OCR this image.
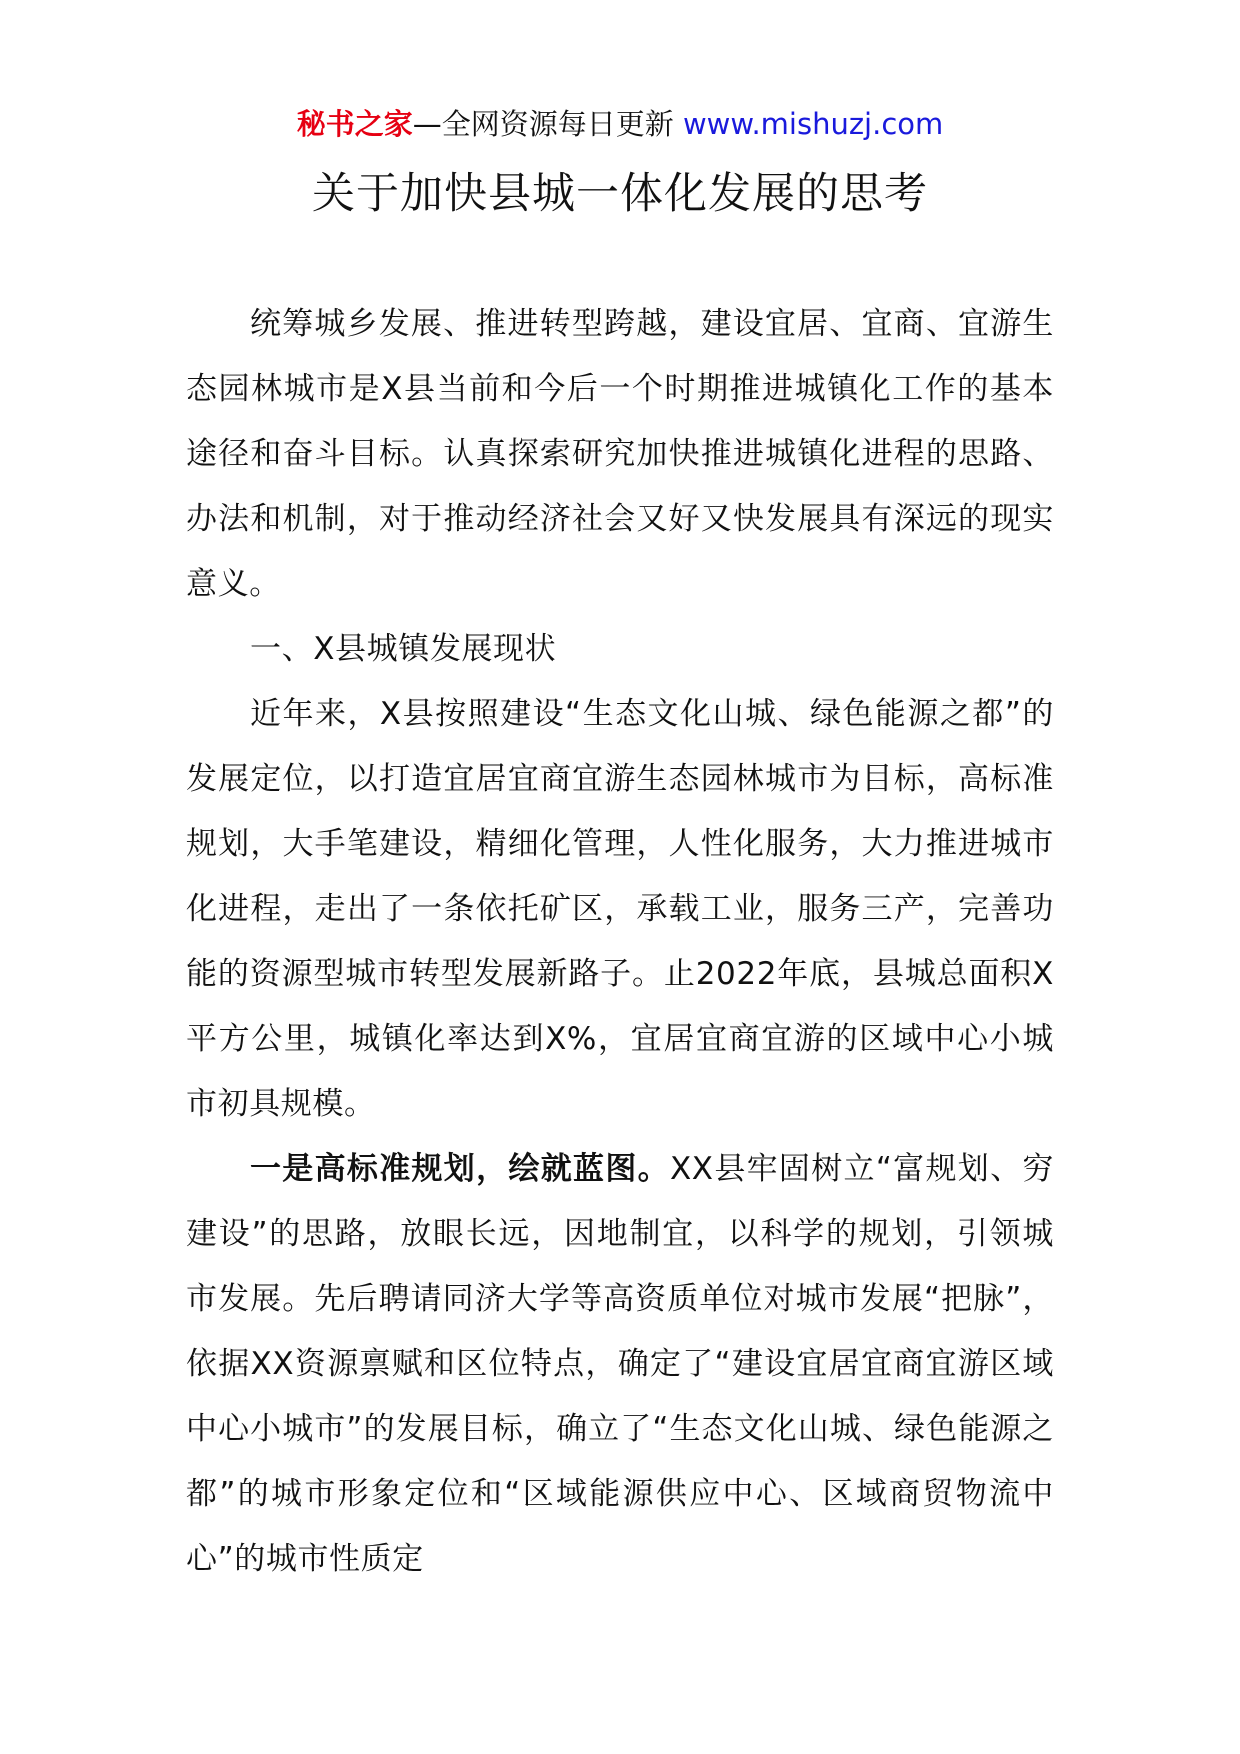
秘书之家—全网资源每日更新 www.mishuzj.com
关于加快县城一体化发展的思考

统筹城乡发展、推进转型跨越，建设宜居、宜商、宜游生态园林城市是X县当前和今后一个时期推进城镇化工作的基本途径和奋斗目标。认真探索研究加快推进城镇化进程的思路、办法和机制，对于推动经济社会又好又快发展具有深远的现实意义。

一、X县城镇发展现状

近年来，X县按照建设“生态文化山城、绿色能源之都”的发展定位，以打造宜居宜商宜游生态园林城市为目标，高标准规划，大手笔建设，精细化管理，人性化服务，大力推进城市化进程，走出了一条依托矿区，承载工业，服务三产，完善功能的资源型城市转型发展新路子。止2022年底，县城总面积X平方公里，城镇化率达到X%，宜居宜商宜游的区域中心小城市初具规模。

一是高标准规划，绘就蓝图。XX县牢固树立“富规划、穷建设”的思路，放眼长远，因地制宜，以科学的规划，引领城市发展。先后聘请同济大学等高资质单位对城市发展“把脉”，依据XX资源禀赋和区位特点，确定了“建设宜居宜商宜游区域中心小城市”的发展目标，确立了“生态文化山城、绿色能源之都”的城市形象定位和“区域能源供应中心、区域商贸物流中心”的城市性质定
